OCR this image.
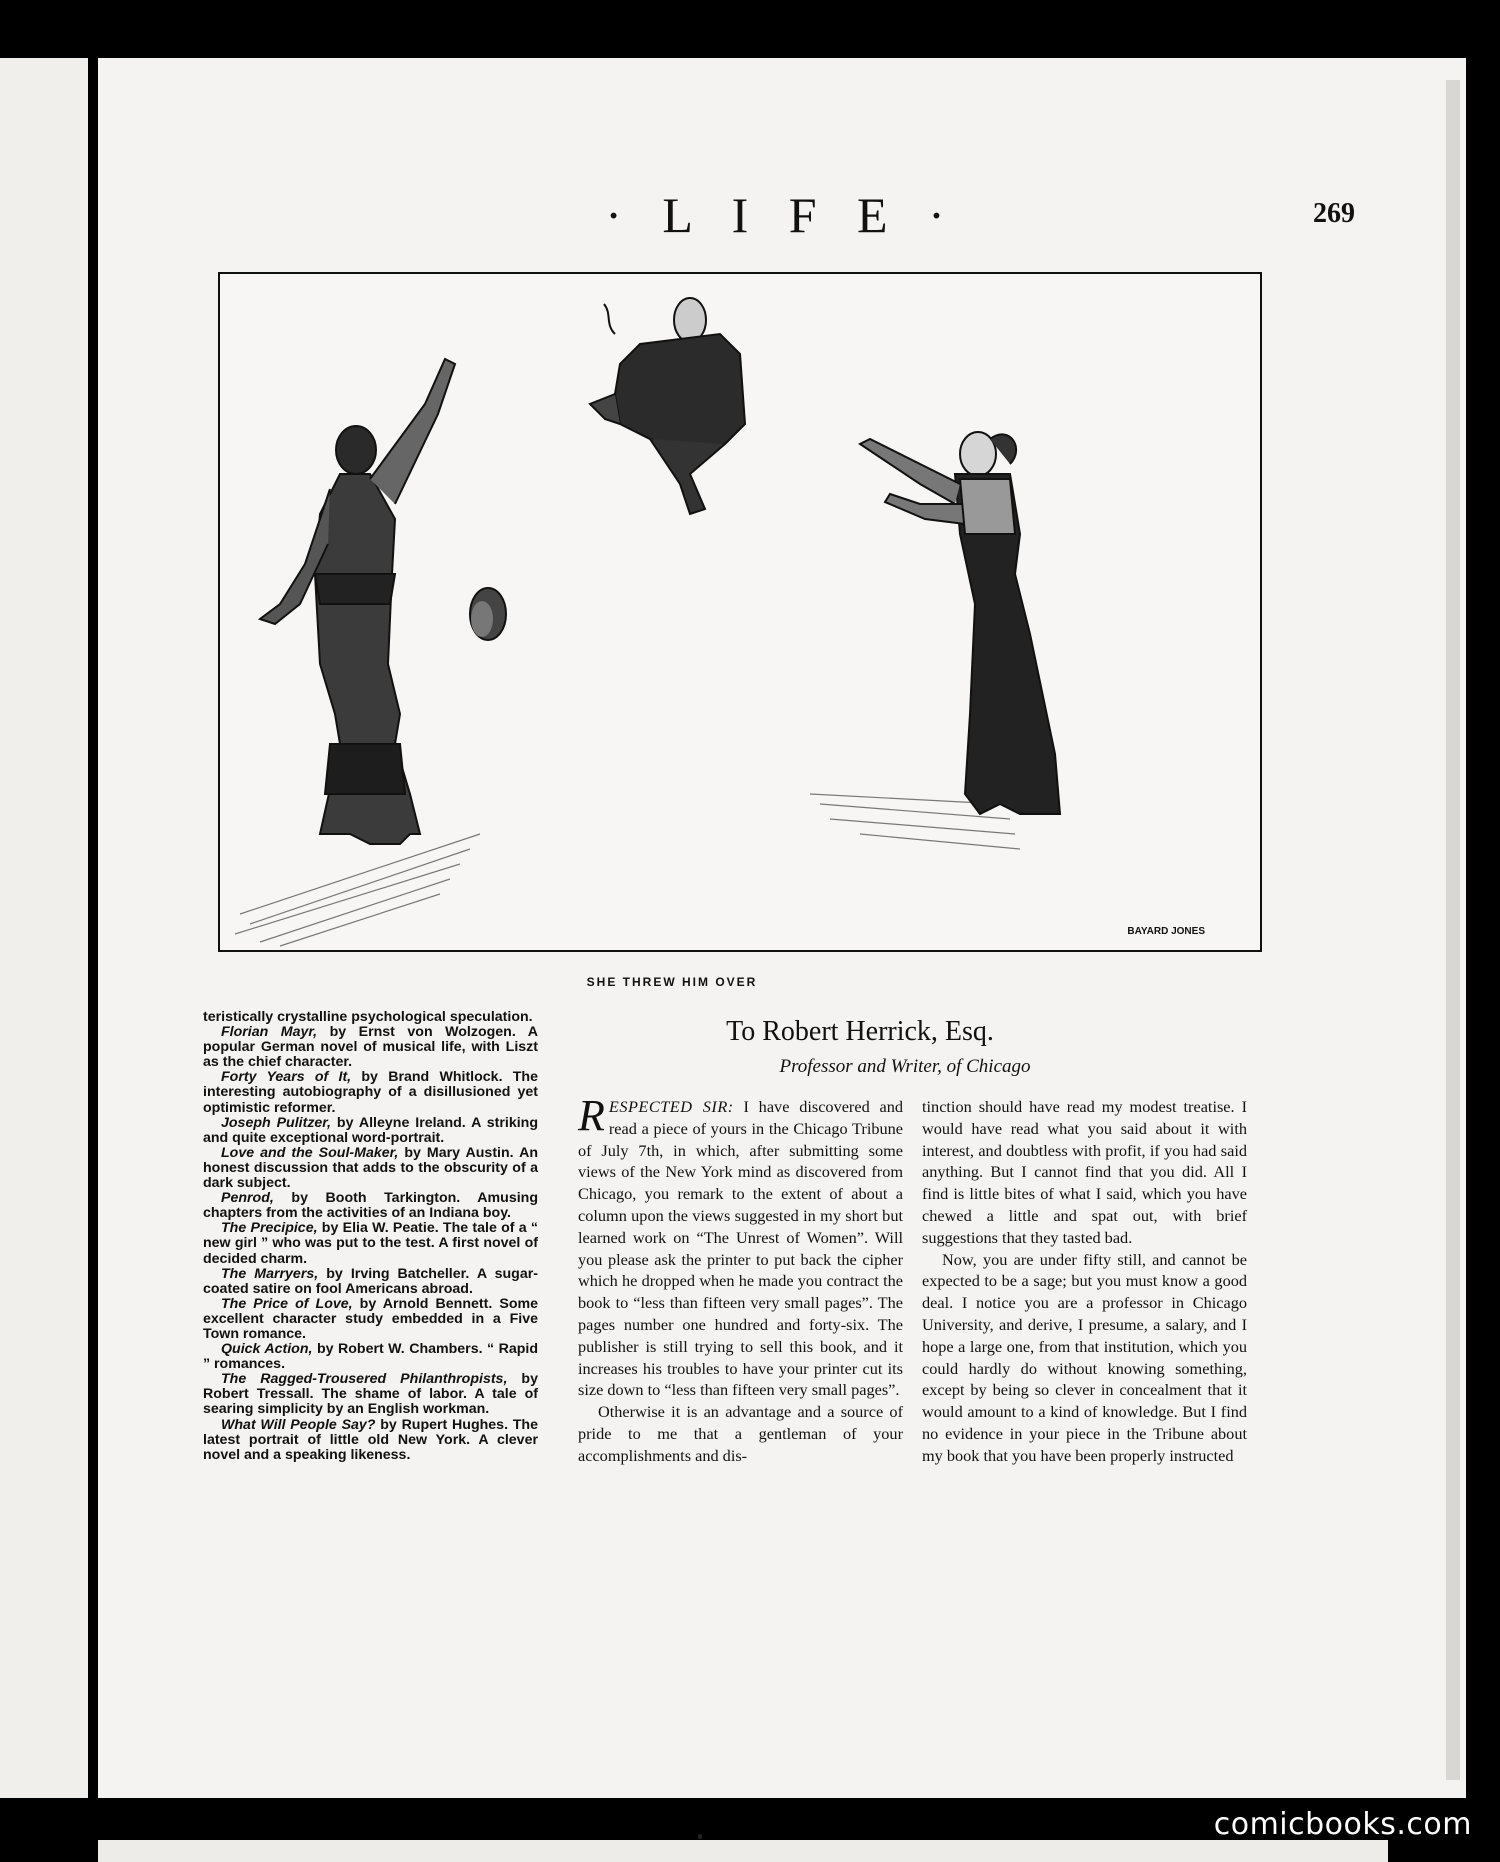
· L I F E ·	269
BAYARD JONES
SHE THREW HIM OVER

teristically crystalline psychological speculation.

Florian Mayr, by Ernst von Wolzogen. A popular German novel of musical life, with Liszt as the chief character.

Forty Years of It, by Brand Whitlock. The interesting autobiography of a disillusioned yet optimistic reformer.

Joseph Pulitzer, by Alleyne Ireland. A striking and quite exceptional word-portrait.

Love and the Soul-Maker, by Mary Austin. An honest discussion that adds to the obscurity of a dark subject.

Penrod, by Booth Tarkington. Amusing chapters from the activities of an Indiana boy.

The Precipice, by Elia W. Peatie. The tale of a “ new girl ” who was put to the test. A first novel of decided charm.

The Marryers, by Irving Batcheller. A sugar-coated satire on fool Americans abroad.

The Price of Love, by Arnold Bennett. Some excellent character study embedded in a Five Town romance.

Quick Action, by Robert W. Chambers. “ Rapid ” romances.

The Ragged-Trousered Philanthropists, by Robert Tressall. The shame of labor. A tale of searing simplicity by an English workman.

What Will People Say? by Rupert Hughes. The latest portrait of little old New York. A clever novel and a speaking likeness.

To Robert Herrick, Esq.
Professor and Writer, of Chicago

RESPECTED SIR: I have discovered and read a piece of yours in the Chicago Tribune of July 7th, in which, after submitting some views of the New York mind as discovered from Chicago, you remark to the extent of about a column upon the views suggested in my short but learned work on “The Unrest of Women”. Will you please ask the printer to put back the cipher which he dropped when he made you contract the book to “less than fifteen very small pages”. The pages number one hundred and forty-six. The publisher is still trying to sell this book, and it increases his troubles to have your printer cut its size down to “less than fifteen very small pages”.

Otherwise it is an advantage and a source of pride to me that a gentleman of your accomplishments and dis-

tinction should have read my modest treatise. I would have read what you said about it with interest, and doubtless with profit, if you had said anything. But I cannot find that you did. All I find is little bites of what I said, which you have chewed a little and spat out, with brief suggestions that they tasted bad.

Now, you are under fifty still, and cannot be expected to be a sage; but you must know a good deal. I notice you are a professor in Chicago University, and derive, I presume, a salary, and I hope a large one, from that institution, which you could hardly do without knowing something, except by being so clever in concealment that it would amount to a kind of knowledge. But I find no evidence in your piece in the Tribune about my book that you have been properly instructed

comicbooks.com
